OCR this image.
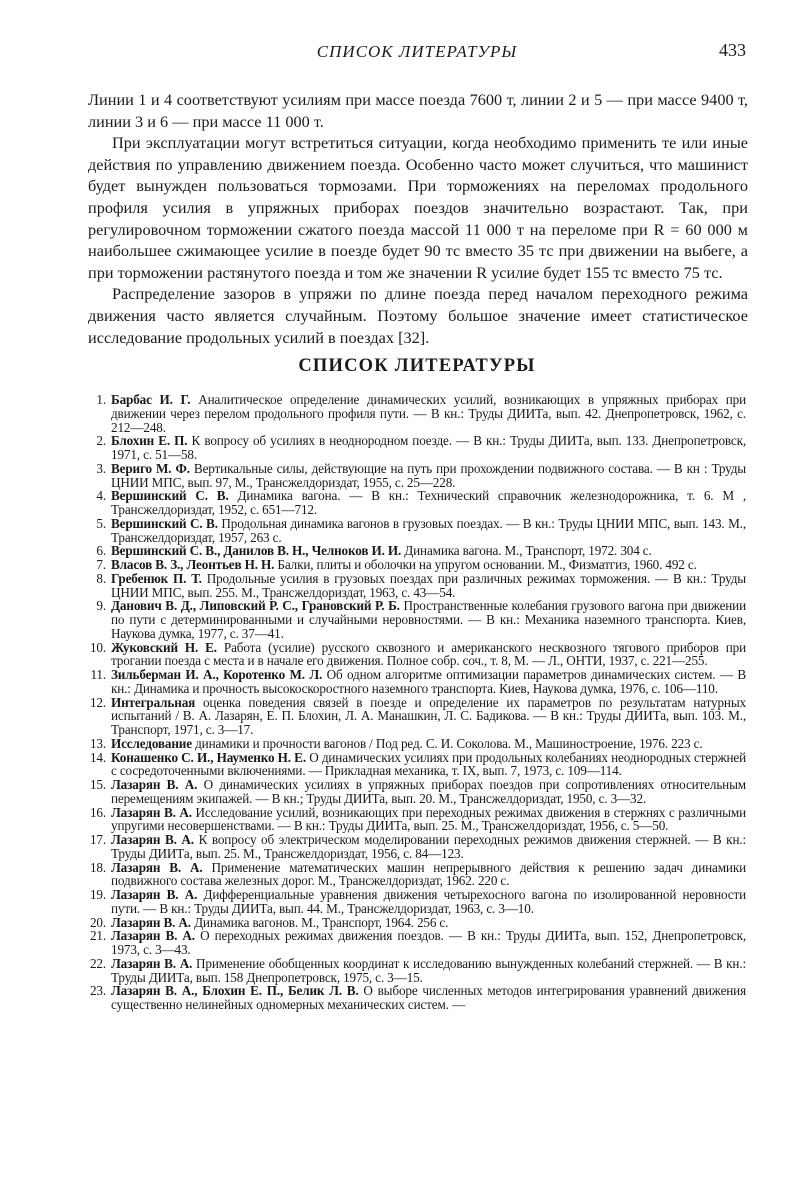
СПИСОК ЛИТЕРАТУРЫ	433

Линии 1 и 4 соответствуют усилиям при массе поезда 7600 т, линии 2 и 5 — при массе 9400 т, линии 3 и 6 — при массе 11 000 т.

При эксплуатации могут встретиться ситуации, когда необходимо применить те или иные действия по управлению движением поезда. Особенно часто может случиться, что машинист будет вынужден пользоваться тормозами. При торможениях на переломах продольного профиля усилия в упряжных приборах поездов значительно возрастают. Так, при регулировочном торможении сжатого поезда массой 11 000 т на переломе при R = 60 000 м наибольшее сжимающее усилие в поезде будет 90 тс вместо 35 тс при движении на выбеге, а при торможении растянутого поезда и том же значении R усилие будет 155 тс вместо 75 тс.

Распределение зазоров в упряжи по длине поезда перед началом переходного режима движения часто является случайным. Поэтому большое значение имеет статистическое исследование продольных усилий в поездах [32].

СПИСОК ЛИТЕРАТУРЫ
1. Барбас И. Г. Аналитическое определение динамических усилий, возникающих в упряжных приборах при движении через перелом продольного профиля пути. — В кн.: Труды ДИИТа, вып. 42. Днепропетровск, 1962, с. 212—248.
2. Блохин Е. П. К вопросу об усилиях в неоднородном поезде. — В кн.: Труды ДИИТа, вып. 133. Днепропетровск, 1971, с. 51—58.
3. Вериго М. Ф. Вертикальные силы, действующие на путь при прохождении подвижного состава. — В кн : Труды ЦНИИ МПС, вып. 97, М., Трансжелдориздат, 1955, с. 25—228.
4. Вершинский С. В. Динамика вагона. — В кн.: Технический справочник железнодорожника, т. 6. М , Трансжелдориздат, 1952, с. 651—712.
5. Вершинский С. В. Продольная динамика вагонов в грузовых поездах. — В кн.: Труды ЦНИИ МПС, вып. 143. М., Трансжелдориздат, 1957, 263 с.
6. Вершинский С. В., Данилов В. Н., Челноков И. И. Динамика вагона. М., Транспорт, 1972. 304 с.
7. Власов В. З., Леонтьев Н. Н. Балки, плиты и оболочки на упругом основании. М., Физматгиз, 1960. 492 с.
8. Гребенюк П. Т. Продольные усилия в грузовых поездах при различных режимах торможения. — В кн.: Труды ЦНИИ МПС, вып. 255. М., Трансжелдориздат, 1963, с. 43—54.
9. Данович В. Д., Липовский Р. С., Грановский Р. Б. Пространственные колебания грузового вагона при движении по пути с детерминированными и случайными неровностями. — В кн.: Механика наземного транспорта. Киев, Наукова думка, 1977, с. 37—41.
10. Жуковский Н. Е. Работа (усилие) русского сквозного и американского несквозного тягового приборов при трогании поезда с места и в начале его движения. Полное собр. соч., т. 8, М. — Л., ОНТИ, 1937, с. 221—255.
11. Зильберман И. А., Коротенко М. Л. Об одном алгоритме оптимизации параметров динамических систем. — В кн.: Динамика и прочность высокоскоростного наземного транспорта. Киев, Наукова думка, 1976, с. 106—110.
12. Интегральная оценка поведения связей в поезде и определение их параметров по результатам натурных испытаний / В. А. Лазарян, Е. П. Блохин, Л. А. Манашкин, Л. С. Бадикова. — В кн.: Труды ДИИТа, вып. 103. М., Транспорт, 1971, с. 3—17.
13. Исследование динамики и прочности вагонов / Под ред. С. И. Соколова. М., Машиностроение, 1976. 223 с.
14. Конашенко С. И., Науменко Н. Е. О динамических усилиях при продольных колебаниях неоднородных стержней с сосредоточенными включениями. — Прикладная механика, т. IX, вып. 7, 1973, с. 109—114.
15. Лазарян В. А. О динамических усилиях в упряжных приборах поездов при сопротивлениях относительным перемещениям экипажей. — В кн.; Труды ДИИТа, вып. 20. М., Трансжелдориздат, 1950, с. 3—32.
16. Лазарян В. А. Исследование усилий, возникающих при переходных режимах движения в стержнях с различными упругими несовершенствами. — В кн.: Труды ДИИТа, вып. 25. М., Трансжелдориздат, 1956, с. 5—50.
17. Лазарян В. А. К вопросу об электрическом моделировании переходных режимов движения стержней. — В кн.: Труды ДИИТа, вып. 25. М., Трансжелдориздат, 1956, с. 84—123.
18. Лазарян В. А. Применение математических машин непрерывного действия к решению задач динамики подвижного состава железных дорог. М., Трансжелдориздат, 1962. 220 с.
19. Лазарян В. А. Дифференциальные уравнения движения четырехосного вагона по изолированной неровности пути. — В кн.: Труды ДИИТа, вып. 44. М., Трансжелдориздат, 1963, с. 3—10.
20. Лазарян В. А. Динамика вагонов. М., Транспорт, 1964. 256 с.
21. Лазарян В. А. О переходных режимах движения поездов. — В кн.: Труды ДИИТа, вып. 152, Днепропетровск, 1973, с. 3—43.
22. Лазарян В. А. Применение обобщенных координат к исследованию вынужденных колебаний стержней. — В кн.: Труды ДИИТа, вып. 158 Днепропетровск, 1975, с. 3—15.
23. Лазарян В. А., Блохин Е. П., Белик Л. В. О выборе численных методов интегрирования уравнений движения существенно нелинейных одномерных механических систем. —
